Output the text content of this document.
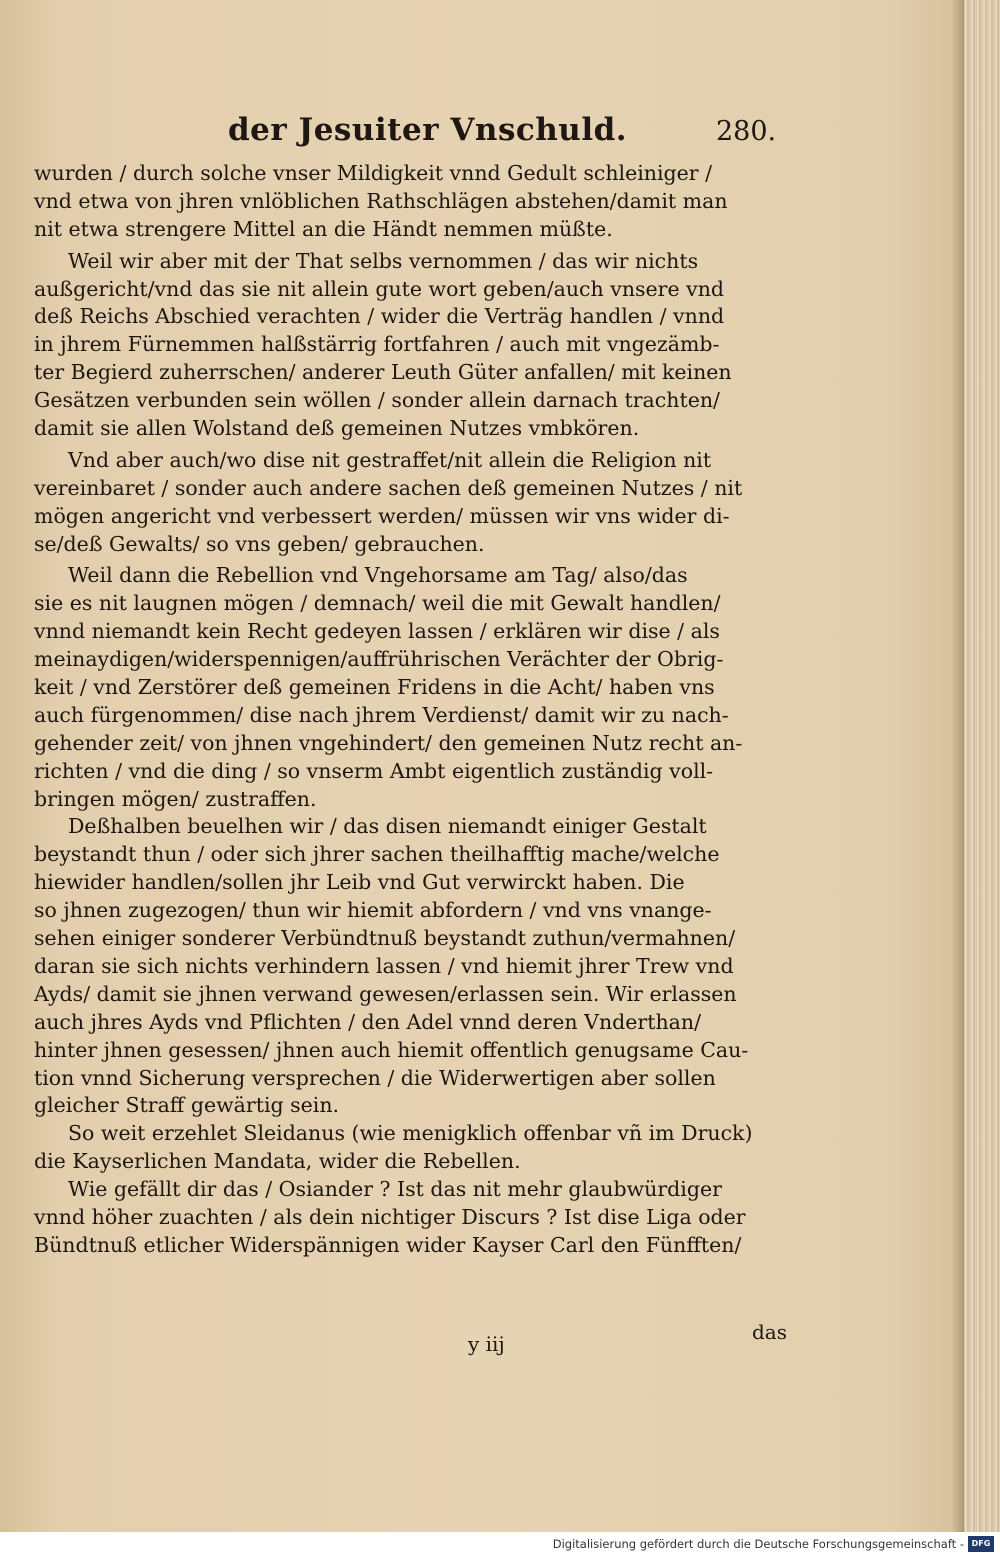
der Jesuiter Vnschuld.	280.
wurden / durch solche vnser Mildigkeit vnnd Gedult schleiniger /
vnd etwa von jhren vnlöblichen Rathschlägen abstehen/damit man
nit etwa strengere Mittel an die Händt nemmen müßte.
Weil wir aber mit der That selbs vernommen / das wir nichts
außgericht/vnd das sie nit allein gute wort geben/auch vnsere vnd
deß Reichs Abschied verachten / wider die Verträg handlen / vnnd
in jhrem Fürnemmen halßstärrig fortfahren / auch mit vngezämb-
ter Begierd zuherrschen/ anderer Leuth Güter anfallen/ mit keinen
Gesätzen verbunden sein wöllen / sonder allein darnach trachten/
damit sie allen Wolstand deß gemeinen Nutzes vmbkören.
Vnd aber auch/wo dise nit gestraffet/nit allein die Religion nit
vereinbaret / sonder auch andere sachen deß gemeinen Nutzes / nit
mögen angericht vnd verbessert werden/ müssen wir vns wider di-
se/deß Gewalts/ so vns geben/ gebrauchen.
Weil dann die Rebellion vnd Vngehorsame am Tag/ also/das
sie es nit laugnen mögen / demnach/ weil die mit Gewalt handlen/
vnnd niemandt kein Recht gedeyen lassen / erklären wir dise / als
meinaydigen/widerspennigen/auffrührischen Verächter der Obrig-
keit / vnd Zerstörer deß gemeinen Fridens in die Acht/ haben vns
auch fürgenommen/ dise nach jhrem Verdienst/ damit wir zu nach-
gehender zeit/ von jhnen vngehindert/ den gemeinen Nutz recht an-
richten / vnd die ding / so vnserm Ambt eigentlich zuständig voll-
bringen mögen/ zustraffen.
Deßhalben beuelhen wir / das disen niemandt einiger Gestalt
beystandt thun / oder sich jhrer sachen theilhafftig mache/welche
hiewider handlen/sollen jhr Leib vnd Gut verwirckt haben. Die
so jhnen zugezogen/ thun wir hiemit abfordern / vnd vns vnange-
sehen einiger sonderer Verbündtnuß beystandt zuthun/vermahnen/
daran sie sich nichts verhindern lassen / vnd hiemit jhrer Trew vnd
Ayds/ damit sie jhnen verwand gewesen/erlassen sein. Wir erlassen
auch jhres Ayds vnd Pflichten / den Adel vnnd deren Vnderthan/
hinter jhnen gesessen/ jhnen auch hiemit offentlich genugsame Cau-
tion vnnd Sicherung versprechen / die Widerwertigen aber sollen
gleicher Straff gewärtig sein.
So weit erzehlet Sleidanus (wie menigklich offenbar vñ im Druck)
die Kayserlichen Mandata, wider die Rebellen.
Wie gefällt dir das / Osiander ? Ist das nit mehr glaubwürdiger
vnnd höher zuachten / als dein nichtiger Discurs ? Ist dise Liga oder
Bündtnuß etlicher Widerspännigen wider Kayser Carl den Fünfften/
y iij	das
Digitalisierung gefördert durch die Deutsche Forschungsgemeinschaft - DFG
